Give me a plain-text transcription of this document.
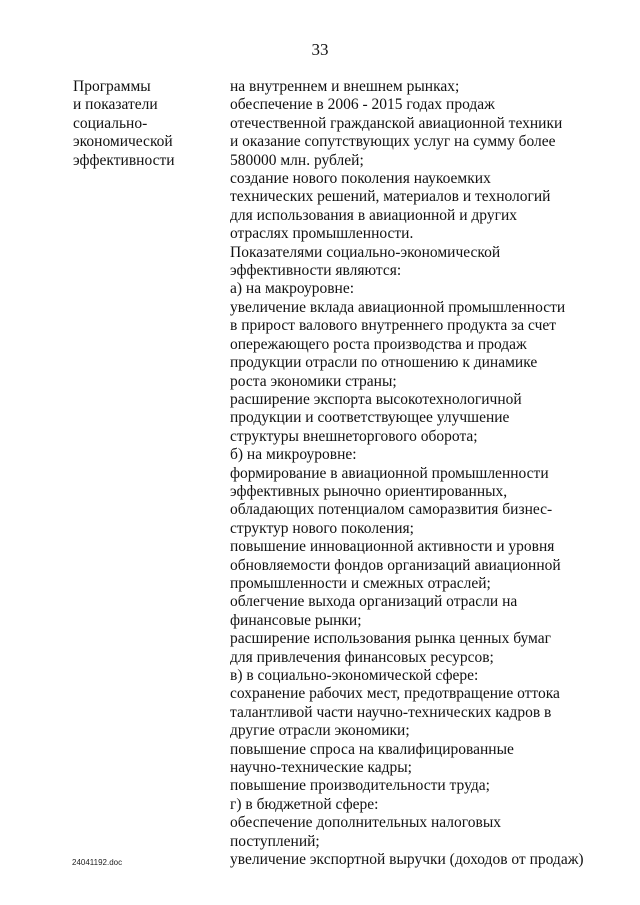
33
Программы
и показатели
социально-
экономической
эффективности
на внутреннем и внешнем рынках;
обеспечение в 2006 - 2015 годах продаж
отечественной гражданской авиационной техники
и оказание сопутствующих услуг на сумму более
580000 млн. рублей;
создание нового поколения наукоемких
технических решений, материалов и технологий
для использования в авиационной и других
отраслях промышленности.
Показателями социально-экономической
эффективности являются:
а) на макроуровне:
увеличение вклада авиационной промышленности
в прирост валового внутреннего продукта за счет
опережающего роста производства и продаж
продукции отрасли по отношению к динамике
роста экономики страны;
расширение экспорта высокотехнологичной
продукции и соответствующее улучшение
структуры внешнеторгового оборота;
б) на микроуровне:
формирование в авиационной промышленности
эффективных рыночно ориентированных,
обладающих потенциалом саморазвития бизнес-
структур нового поколения;
повышение инновационной активности и уровня
обновляемости фондов организаций авиационной
промышленности и смежных отраслей;
облегчение выхода организаций отрасли на
финансовые рынки;
расширение использования рынка ценных бумаг
для привлечения финансовых ресурсов;
в) в социально-экономической сфере:
сохранение рабочих мест, предотвращение оттока
талантливой части научно-технических кадров в
другие отрасли экономики;
повышение спроса на квалифицированные
научно-технические кадры;
повышение производительности труда;
г) в бюджетной сфере:
обеспечение дополнительных налоговых
поступлений;
увеличение экспортной выручки (доходов от продаж)
24041192.doc
